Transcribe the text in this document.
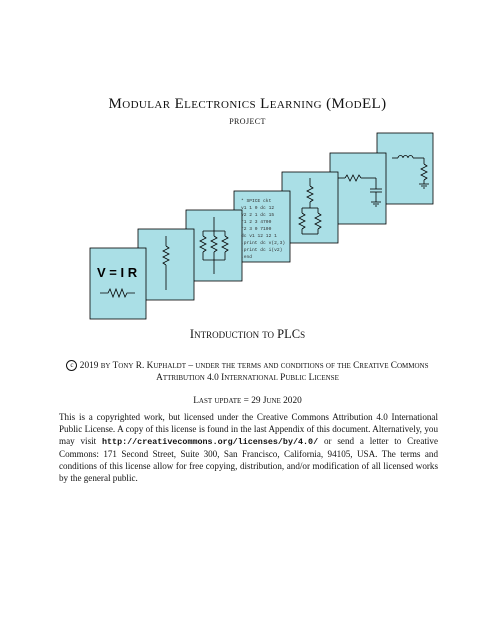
Modular Electronics Learning (ModEL)
project
V = I R
* SPICE ckt v1 1 0 dc 12 v2 2 1 dc 15 r1 2 3 4700 r2 3 0 7100 dc v1 12 12 1 .print dc v(2,3) .print dc i(v2) .end
Introduction to PLCs
c 2019 by Tony R. Kuphaldt – under the terms and conditions of the Creative Commons Attribution 4.0 International Public License
Last update = 29 June 2020
This is a copyrighted work, but licensed under the Creative Commons Attribution 4.0 International Public License. A copy of this license is found in the last Appendix of this document. Alternatively, you may visit http://creativecommons.org/licenses/by/4.0/ or send a letter to Creative Commons: 171 Second Street, Suite 300, San Francisco, California, 94105, USA. The terms and conditions of this license allow for free copying, distribution, and/or modification of all licensed works by the general public.
